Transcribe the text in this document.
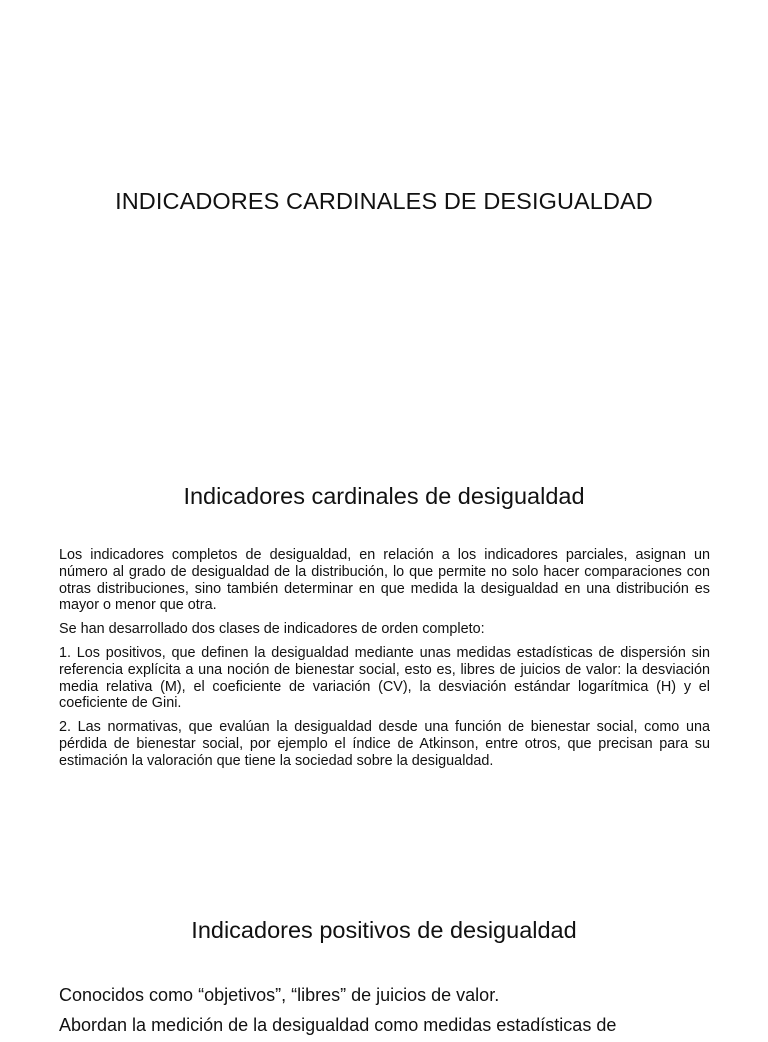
INDICADORES CARDINALES DE DESIGUALDAD
Indicadores cardinales de desigualdad

Los indicadores completos de desigualdad, en relación a los indicadores parciales, asignan un número al grado de desigualdad de la distribución, lo que permite no solo hacer comparaciones con otras distribuciones, sino también determinar en que medida la desigualdad en una distribución es mayor o menor que otra.

Se han desarrollado dos clases de indicadores de orden completo:

1. Los positivos, que definen la desigualdad mediante unas medidas estadísticas de dispersión sin referencia explícita a una noción de bienestar social, esto es, libres de juicios de valor: la desviación media relativa (M), el coeficiente de variación (CV), la desviación estándar logarítmica (H) y el coeficiente de Gini.

2. Las normativas, que evalúan la desigualdad desde una función de bienestar social, como una pérdida de bienestar social, por ejemplo el índice de Atkinson, entre otros, que precisan para su estimación la valoración que tiene la sociedad sobre la desigualdad.

Indicadores positivos de desigualdad

Conocidos como “objetivos”, “libres” de juicios de valor.

Abordan la medición de la desigualdad como medidas estadísticas de
